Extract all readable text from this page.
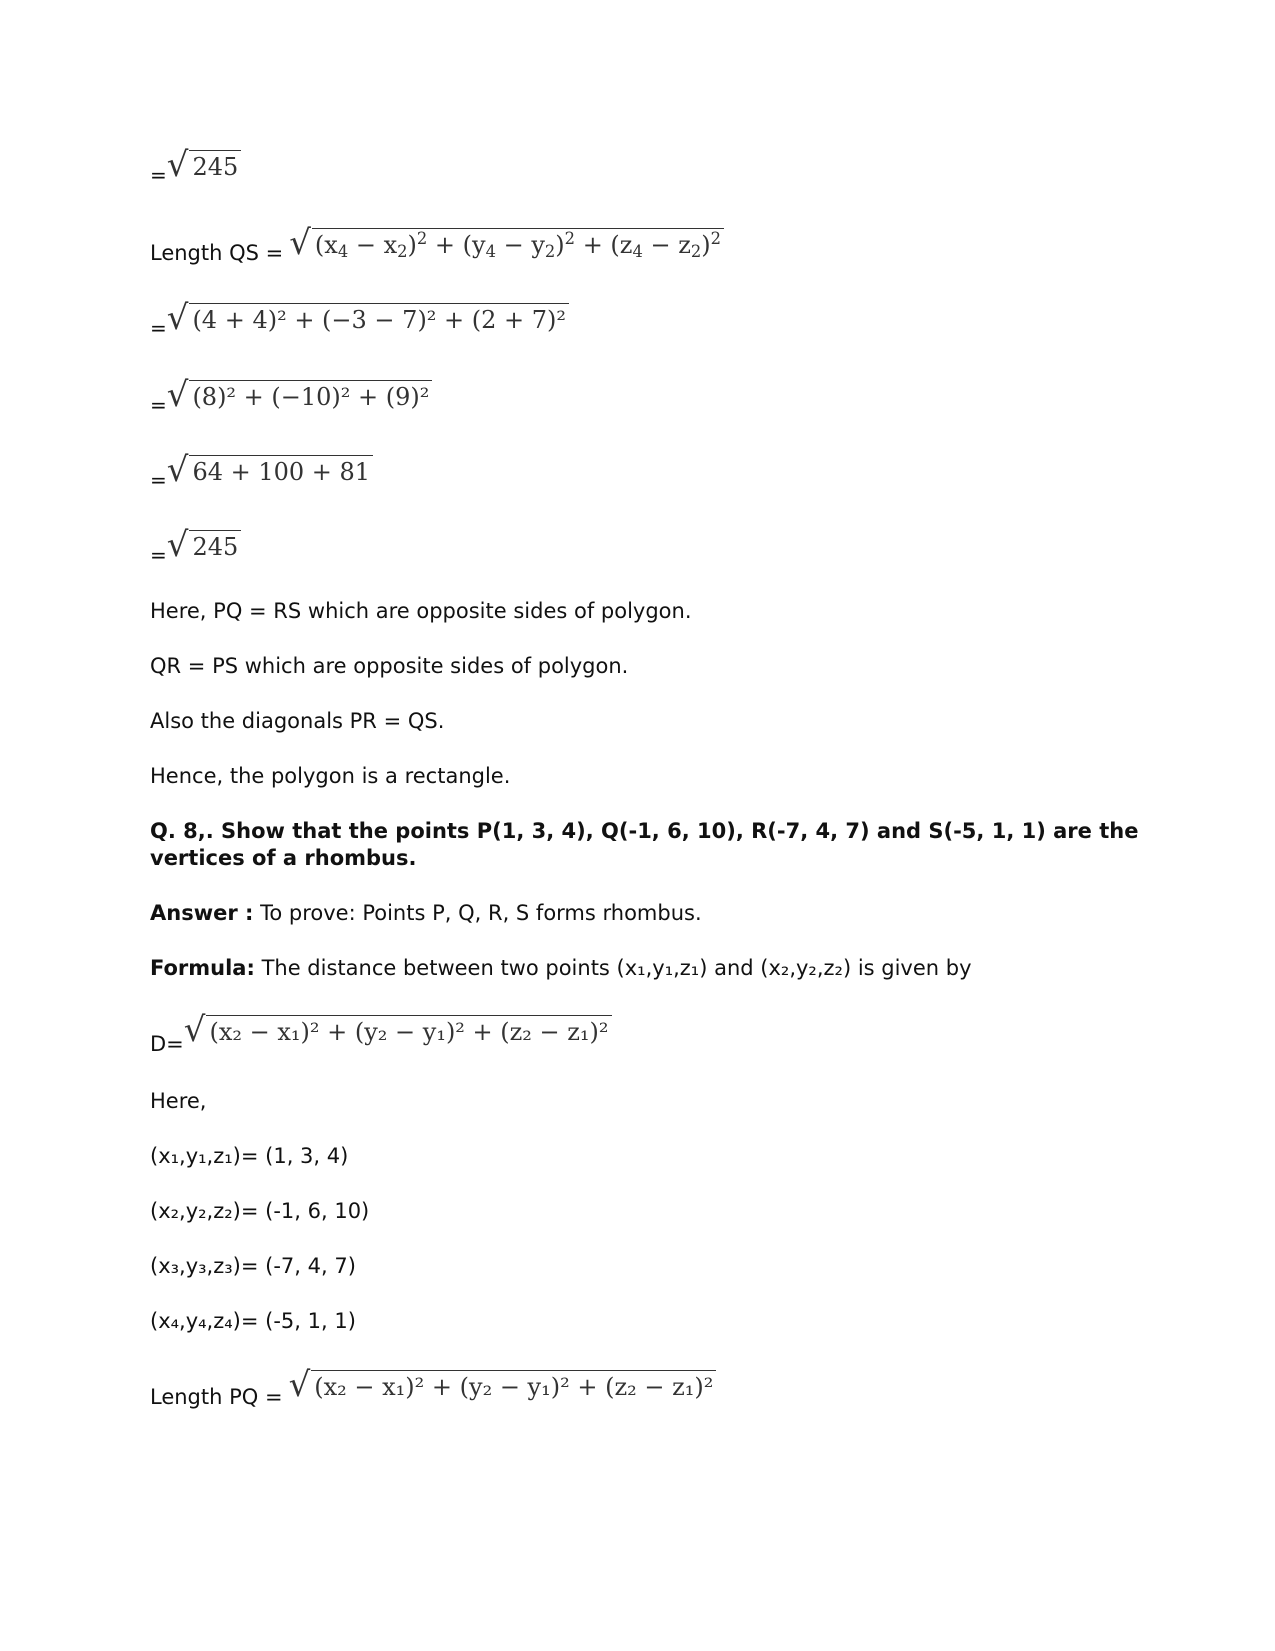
= √ 245
Length QS = √ $(x_4 - x_2)^2 + (y_4 - y_2)^2 + (z_4 - z_2)^2$
= √ (4 + 4)² + (−3 − 7)² + (2 + 7)²
= √ (8)² + (−10)² + (9)²
= √ 64 + 100 + 81
= √ 245
Here, PQ = RS which are opposite sides of polygon.
QR = PS which are opposite sides of polygon.
Also the diagonals PR = QS.
Hence, the polygon is a rectangle.
Q. 8,. Show that the points P(1, 3, 4), Q(-1, 6, 10), R(-7, 4, 7) and S(-5, 1, 1) are the
vertices of a rhombus.
Answer : To prove: Points P, Q, R, S forms rhombus.
Formula: The distance between two points (x₁,y₁,z₁) and (x₂,y₂,z₂) is given by
D= √ (x₂ − x₁)² + (y₂ − y₁)² + (z₂ − z₁)²
Here,
(x₁,y₁,z₁)= (1, 3, 4)
(x₂,y₂,z₂)= (-1, 6, 10)
(x₃,y₃,z₃)= (-7, 4, 7)
(x₄,y₄,z₄)= (-5, 1, 1)
Length PQ = √ (x₂ − x₁)² + (y₂ − y₁)² + (z₂ − z₁)²
